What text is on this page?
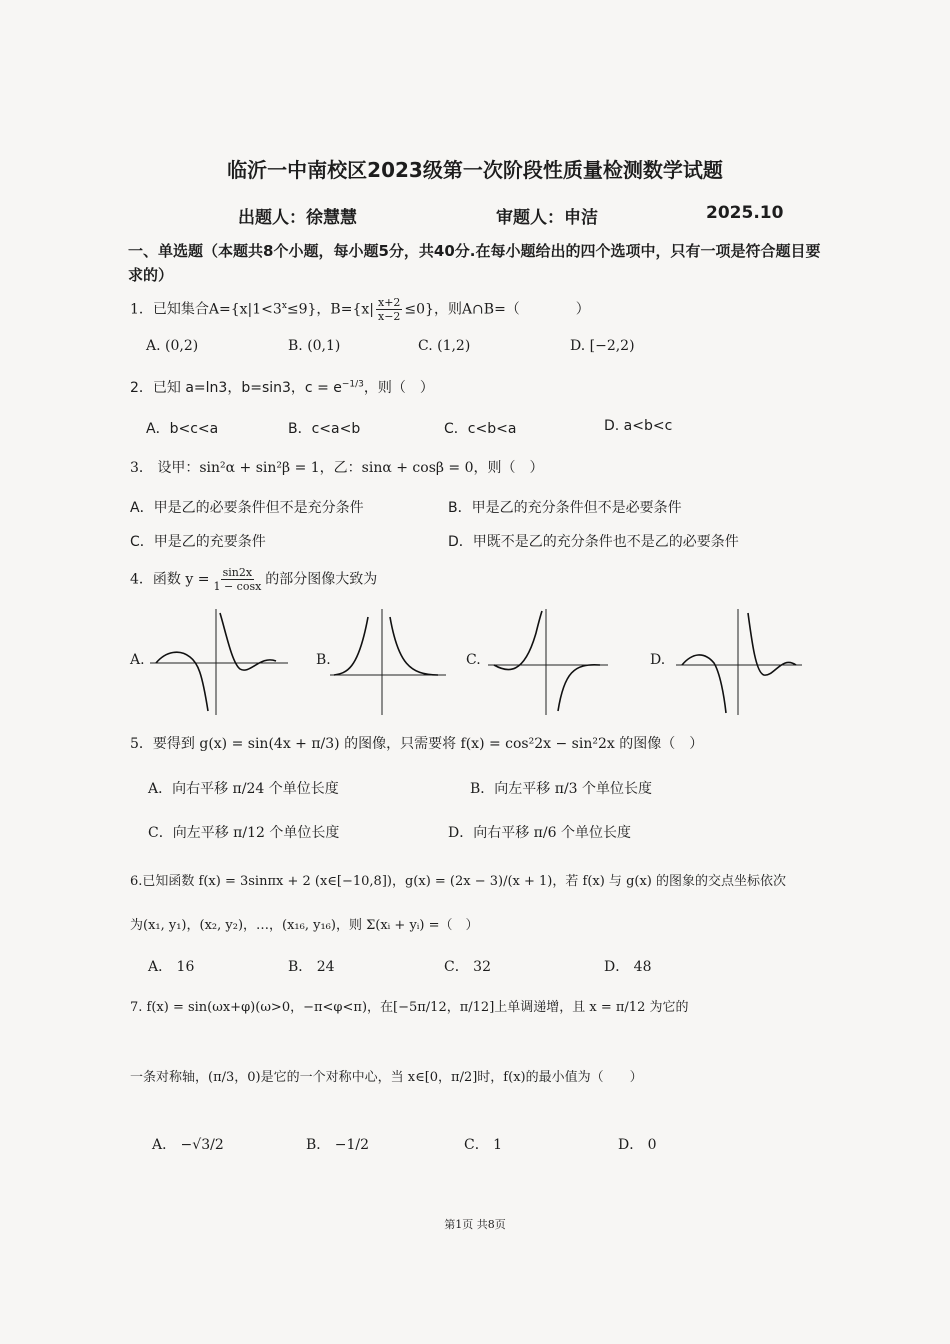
临沂一中南校区2023级第一次阶段性质量检测数学试题
出题人：徐慧慧	审题人：申洁	2025.10
一、单选题（本题共8个小题，每小题5分，共40分.在每小题给出的四个选项中，只有一项是符合题目要求的）
1．已知集合$A=\{x|1<3^x\le 9\}$，$B=\{x| \frac{x+2}{x-2} \le 0\}$，则A∩B=（　　　　）
A. (0,2)	B. (0,1)	C. (1,2)	D. [−2,2)
2．已知 a=ln3，b=sin3，$c = e^{-1/3}$，则（　）
A．b<c<a	B．c<a<b	C．c<b<a	D. a<b<c
3． 设甲：sin²α + sin²β = 1，乙：sinα + cosβ = 0，则（　）
A．甲是乙的必要条件但不是充分条件	B．甲是乙的充分条件但不是必要条件
C．甲是乙的充要条件	D．甲既不是乙的充分条件也不是乙的必要条件
4．函数 $y = \frac{\sin 2x}{1 - \cos x}$ 的部分图像大致为
A.	B.	C.	D.
5．要得到 g(x) = sin(4x + π/3) 的图像，只需要将 f(x) = cos²2x − sin²2x 的图像（　）
A．向右平移 π/24 个单位长度	B．向左平移 π/3 个单位长度
C．向左平移 π/12 个单位长度	D．向右平移 π/6 个单位长度
6.已知函数 f(x) = 3sinπx + 2 (x∈[−10,8])，g(x) = (2x − 3)/(x + 1)，若 f(x) 与 g(x) 的图象的交点坐标依次
为(x₁, y₁)，(x₂, y₂)，…，(x₁₆, y₁₆)，则 Σ(xᵢ + yᵢ) =（　）
A． 16	B． 24	C． 32	D． 48
7. f(x) = sin(ωx+φ)(ω>0，−π<φ<π)，在[−5π/12，π/12]上单调递增，且 x = π/12 为它的
一条对称轴，(π/3，0)是它的一个对称中心，当 x∈[0，π/2]时，f(x)的最小值为（　　）
A． −√3/2	B． −1/2	C． 1	D． 0
第1页 共8页
